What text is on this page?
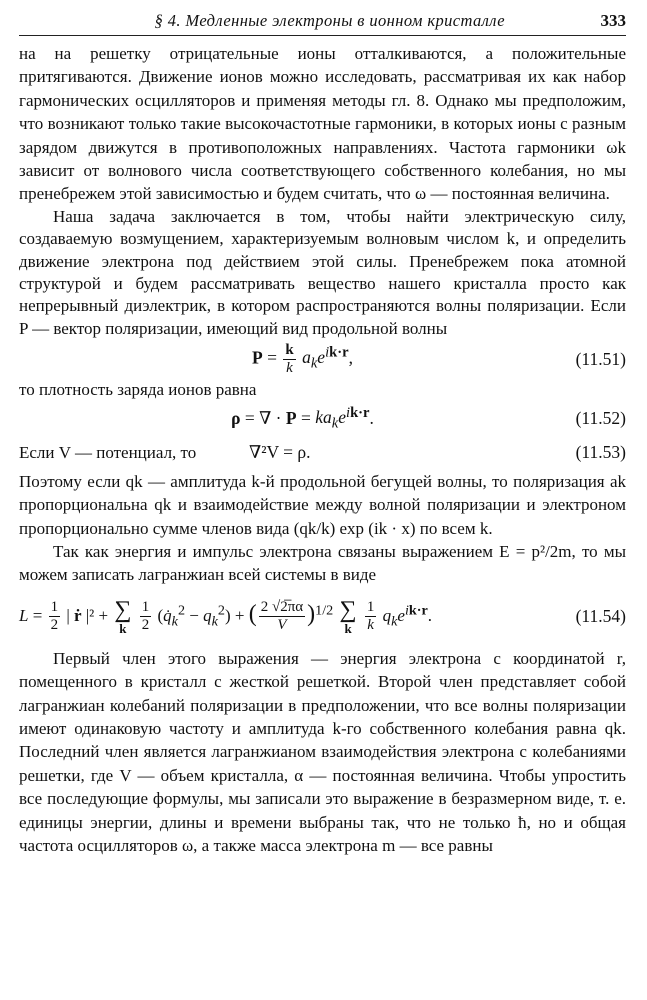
§ 4. Медленные электроны в ионном кристалле	333

на на решетку отрицательные ионы отталкиваются, а положительные притягиваются. Движение ионов можно исследовать, рассматривая их как набор гармонических осцилляторов и применяя методы гл. 8. Однако мы предположим, что возникают только такие высокочастотные гармоники, в которых ионы с разным зарядом движутся в противоположных направлениях. Частота гармоники ωk зависит от волнового числа соответствующего собственного колебания, но мы пренебрежем этой зависимостью и будем считать, что ω — постоянная величина.

Наша задача заключается в том, чтобы найти электрическую силу, создаваемую возмущением, характеризуемым волновым числом k, и определить движение электрона под действием этой силы. Пренебрежем пока атомной структурой и будем рассматривать вещество нашего кристалла просто как непрерывный диэлектрик, в котором распространяются волны поляризации. Если P — вектор поляризации, имеющий вид продольной волны

$P = \frac{k}{k} a_ke^{ik\cdot r}$,	(11.51)

то плотность заряда ионов равна

ρ = ∇ · $P = ka_ke^{ik\cdot r}$.	(11.52)
Если V — потенциал, то	∇²V = ρ.	(11.53)

Поэтому если qk — амплитуда k-й продольной бегущей волны, то поляризация ak пропорциональна qk и взаимодействие между волной поляризации и электроном пропорционально сумме членов вида (qk/k) exp (ik · x) по всем k.

Так как энергия и импульс электрона связаны выражением E = p²/2m, то мы можем записать лагранжиан всей системы в виде

$L = \frac{1}{2}$ | ṙ |² + ∑
k
$\frac{1}{2}$ $(q̇_k^2 - q_k^2)$ + ( $\frac{2 √2̅\pi\alpha}{V} )^{1/2}$ ∑
k
$\frac{1}{k} q_ke^{ik\cdot r}$.	(11.54)

Первый член этого выражения — энергия электрона с координатой r, помещенного в кристалл с жесткой решеткой. Второй член представляет собой лагранжиан колебаний поляризации в предположении, что все волны поляризации имеют одинаковую частоту и амплитуда k-го собственного колебания равна qk. Последний член является лагранжианом взаимодействия электрона с колебаниями решетки, где V — объем кристалла, α — постоянная величина. Чтобы упростить все последующие формулы, мы записали это выражение в безразмерном виде, т. е. единицы энергии, длины и времени выбраны так, что не только ħ, но и общая частота осцилляторов ω, а также масса электрона m — все равны
